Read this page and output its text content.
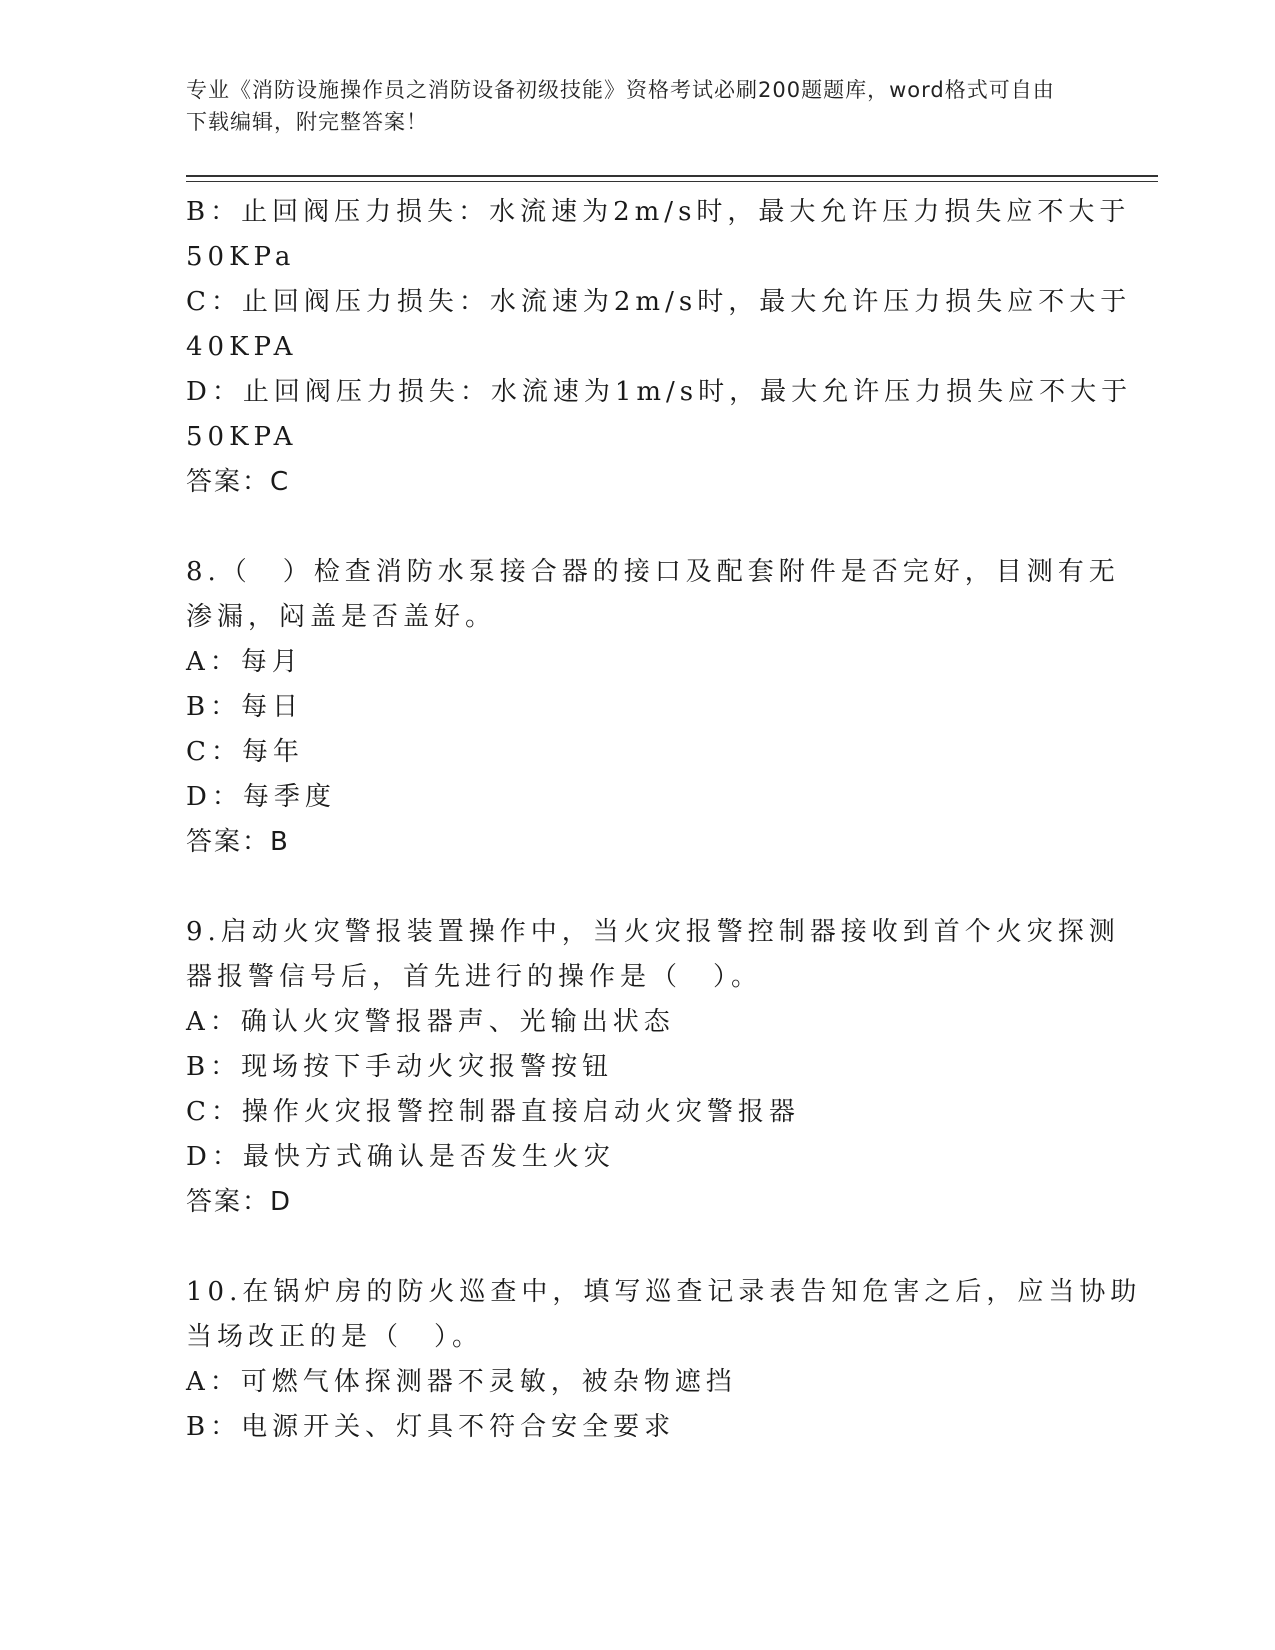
专业《消防设施操作员之消防设备初级技能》资格考试必刷200题题库，word格式可自由下载编辑，附完整答案！
B：止回阀压力损失：水流速为2m/s时，最大允许压力损失应不大于
50KPa
C：止回阀压力损失：水流速为2m/s时，最大允许压力损失应不大于
40KPA
D：止回阀压力损失：水流速为1m/s时，最大允许压力损失应不大于
50KPA
答案：C
8.（　）检查消防水泵接合器的接口及配套附件是否完好，目测有无
渗漏，闷盖是否盖好。
A：每月
B：每日
C：每年
D：每季度
答案：B
9.启动火灾警报装置操作中，当火灾报警控制器接收到首个火灾探测
器报警信号后，首先进行的操作是（　）。
A：确认火灾警报器声、光输出状态
B：现场按下手动火灾报警按钮
C：操作火灾报警控制器直接启动火灾警报器
D：最快方式确认是否发生火灾
答案：D
10.在锅炉房的防火巡查中，填写巡查记录表告知危害之后，应当协助
当场改正的是（　）。
A：可燃气体探测器不灵敏，被杂物遮挡
B：电源开关、灯具不符合安全要求
